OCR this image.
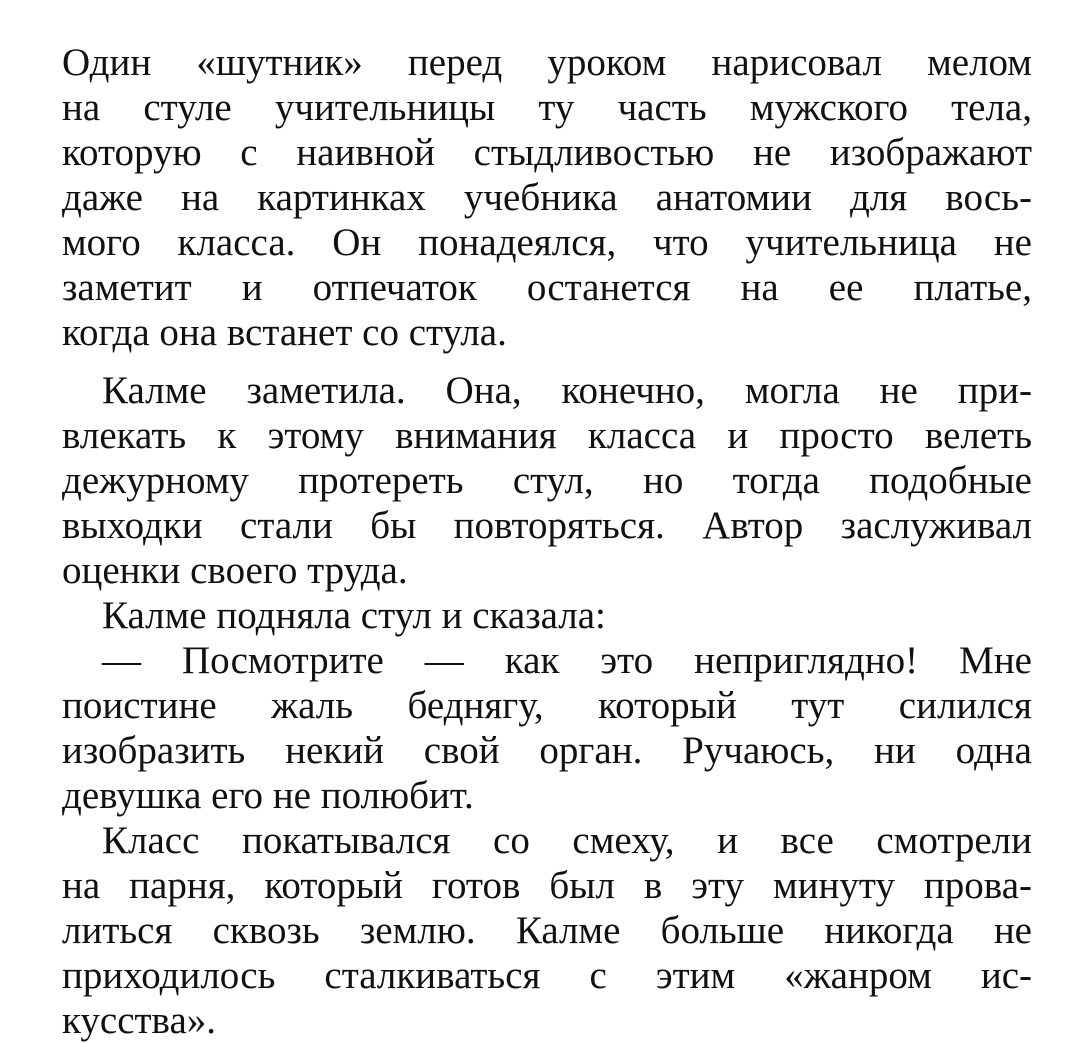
Один «шутник» перед уроком нарисовал мелом
на стуле учительницы ту часть мужского тела,
которую с наивной стыдливостью не изображают
даже на картинках учебника анатомии для вось-
мого класса. Он понадеялся, что учительница не
заметит и отпечаток останется на ее платье,
когда она встанет со стула.
Калме заметила. Она, конечно, могла не при-
влекать к этому внимания класса и просто велеть
дежурному протереть стул, но тогда подобные
выходки стали бы повторяться. Автор заслуживал
оценки своего труда.
Калме подняла стул и сказала:
— Посмотрите — как это неприглядно! Мне
поистине жаль беднягу, который тут силился
изобразить некий свой орган. Ручаюсь, ни одна
девушка его не полюбит.
Класс покатывался со смеху, и все смотрели
на парня, который готов был в эту минуту прова-
литься сквозь землю. Калме больше никогда не
приходилось сталкиваться с этим «жанром ис-
кусства».
